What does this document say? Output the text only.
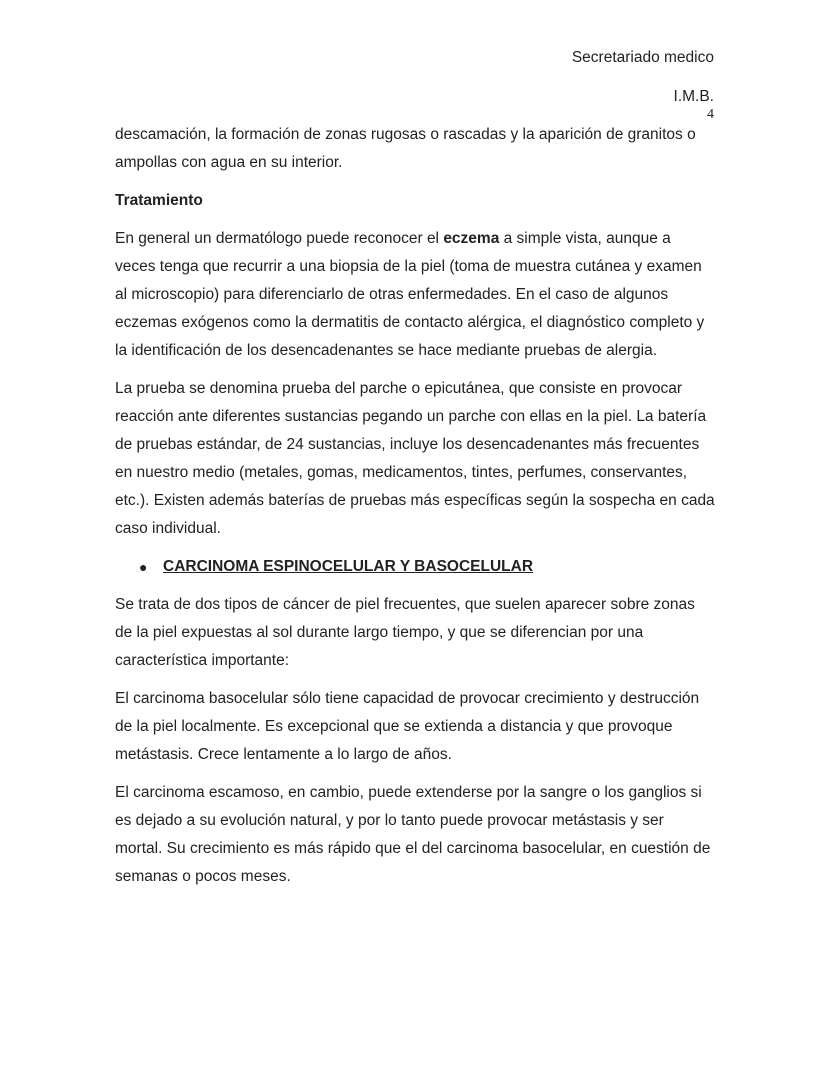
Secretariado medico
I.M.B.
4

descamación, la formación de zonas rugosas o rascadas y la aparición de granitos o ampollas con agua en su interior.

Tratamiento

En general un dermatólogo puede reconocer el eczema a simple vista, aunque a veces tenga que recurrir a una biopsia de la piel (toma de muestra cutánea y examen al microscopio) para diferenciarlo de otras enfermedades. En el caso de algunos eczemas exógenos como la dermatitis de contacto alérgica, el diagnóstico completo y la identificación de los desencadenantes se hace mediante pruebas de alergia.

La prueba se denomina prueba del parche o epicutánea, que consiste en provocar reacción ante diferentes sustancias pegando un parche con ellas en la piel. La batería de pruebas estándar, de 24 sustancias, incluye los desencadenantes más frecuentes en nuestro medio (metales, gomas, medicamentos, tintes, perfumes, conservantes, etc.). Existen además baterías de pruebas más específicas según la sospecha en cada caso individual.

●	CARCINOMA ESPINOCELULAR Y BASOCELULAR

Se trata de dos tipos de cáncer de piel frecuentes, que suelen aparecer sobre zonas de la piel expuestas al sol durante largo tiempo, y que se diferencian por una característica importante:

El carcinoma basocelular sólo tiene capacidad de provocar crecimiento y destrucción de la piel localmente. Es excepcional que se extienda a distancia y que provoque metástasis. Crece lentamente a lo largo de años.

El carcinoma escamoso, en cambio, puede extenderse por la sangre o los ganglios si es dejado a su evolución natural, y por lo tanto puede provocar metástasis y ser mortal. Su crecimiento es más rápido que el del carcinoma basocelular, en cuestión de semanas o pocos meses.
